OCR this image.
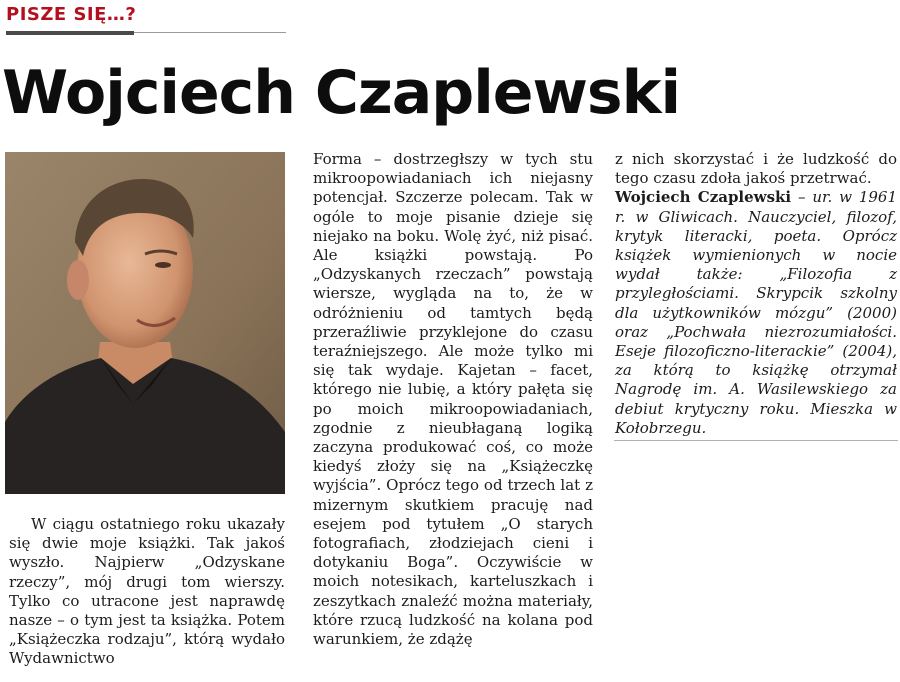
PISZE SIĘ…?
Wojciech Czaplewski

W ciągu ostatniego roku ukazały się dwie moje książki. Tak jakoś wyszło. Najpierw „Odzyskane rzeczy”, mój drugi tom wierszy. Tylko co utracone jest naprawdę nasze – o tym jest ta książka. Potem „Książeczka rodzaju”, którą wydało Wydawnictwo

Forma – dostrzegłszy w tych stu mikroopowiadaniach ich niejasny potencjał. Szczerze polecam. Tak w ogóle to moje pisanie dzieje się niejako na boku. Wolę żyć, niż pisać. Ale książki powstają. Po „Odzyskanych rzeczach” powstają wiersze, wygląda na to, że w odróżnieniu od tamtych będą przeraźliwie przyklejone do czasu teraźniejszego. Ale może tylko mi się tak wydaje. Kajetan – facet, którego nie lubię, a który pałęta się po moich mikroopowiadaniach, zgodnie z nieubłaganą logiką zaczyna produkować coś, co może kiedyś złoży się na „Książeczkę wyjścia”. Oprócz tego od trzech lat z mizernym skutkiem pracuję nad esejem pod tytułem „O starych fotografiach, złodziejach cieni i dotykaniu Boga”. Oczywiście w moich notesikach, karteluszkach i zeszytkach znaleźć można materiały, które rzucą ludzkość na kolana pod warunkiem, że zdążę

z nich skorzystać i że ludzkość do tego czasu zdoła jakoś przetrwać.

Wojciech Czaplewski – ur. w 1961 r. w Gliwicach. Nauczyciel, filozof, krytyk literacki, poeta. Oprócz książek wymienionych w nocie wydał także: „Filozofia z przyległościami. Skrypcik szkolny dla użytkowników mózgu” (2000) oraz „Pochwała niezrozumiałości. Eseje filozoficzno-literackie” (2004), za którą to książkę otrzymał Nagrodę im. A. Wasilewskiego za debiut krytyczny roku. Mieszka w Kołobrzegu.
